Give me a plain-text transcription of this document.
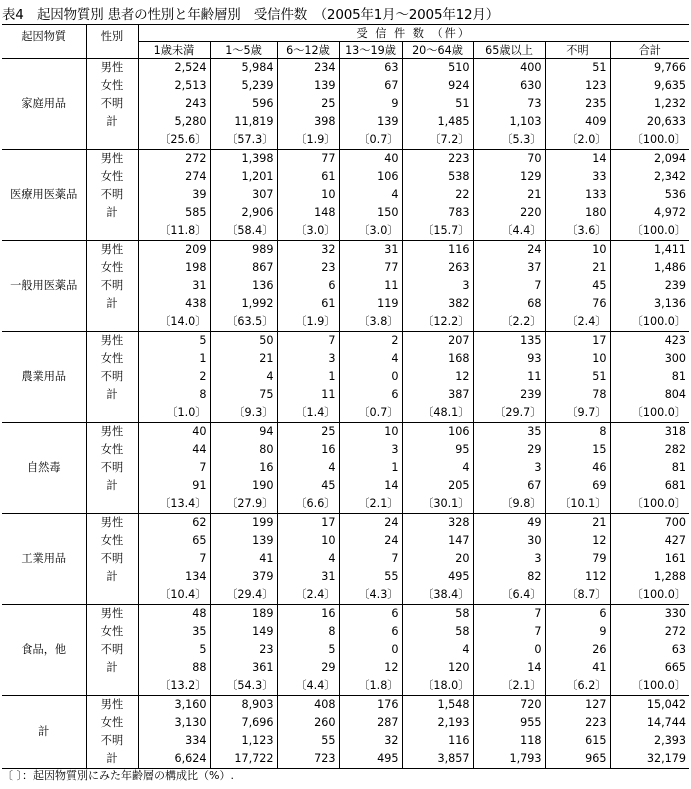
表4　起因物質別 患者の性別と年齢層別　受信件数　（2005年1月～2005年12月）
起因物質	性別	受 信 件 数 （件）							
		1歳未満	1～5歳	6～12歳	13～19歳	20～64歳	65歳以上	不明	合計
家庭用品	男性	2,524	5,984	234	63	510	400	51	9,766
	女性	2,513	5,239	139	67	924	630	123	9,635
	不明	243	596	25	9	51	73	235	1,232
	計	5,280	11,819	398	139	1,485	1,103	409	20,633
		〔25.6〕	〔57.3〕	〔1.9〕	〔0.7〕	〔7.2〕	〔5.3〕	〔2.0〕	〔100.0〕
医療用医薬品	男性	272	1,398	77	40	223	70	14	2,094
	女性	274	1,201	61	106	538	129	33	2,342
	不明	39	307	10	4	22	21	133	536
	計	585	2,906	148	150	783	220	180	4,972
		〔11.8〕	〔58.4〕	〔3.0〕	〔3.0〕	〔15.7〕	〔4.4〕	〔3.6〕	〔100.0〕
一般用医薬品	男性	209	989	32	31	116	24	10	1,411
	女性	198	867	23	77	263	37	21	1,486
	不明	31	136	6	11	3	7	45	239
	計	438	1,992	61	119	382	68	76	3,136
		〔14.0〕	〔63.5〕	〔1.9〕	〔3.8〕	〔12.2〕	〔2.2〕	〔2.4〕	〔100.0〕
農業用品	男性	5	50	7	2	207	135	17	423
	女性	1	21	3	4	168	93	10	300
	不明	2	4	1	0	12	11	51	81
	計	8	75	11	6	387	239	78	804
		〔1.0〕	〔9.3〕	〔1.4〕	〔0.7〕	〔48.1〕	〔29.7〕	〔9.7〕	〔100.0〕
自然毒	男性	40	94	25	10	106	35	8	318
	女性	44	80	16	3	95	29	15	282
	不明	7	16	4	1	4	3	46	81
	計	91	190	45	14	205	67	69	681
		〔13.4〕	〔27.9〕	〔6.6〕	〔2.1〕	〔30.1〕	〔9.8〕	〔10.1〕	〔100.0〕
工業用品	男性	62	199	17	24	328	49	21	700
	女性	65	139	10	24	147	30	12	427
	不明	7	41	4	7	20	3	79	161
	計	134	379	31	55	495	82	112	1,288
		〔10.4〕	〔29.4〕	〔2.4〕	〔4.3〕	〔38.4〕	〔6.4〕	〔8.7〕	〔100.0〕
食品，他	男性	48	189	16	6	58	7	6	330
	女性	35	149	8	6	58	7	9	272
	不明	5	23	5	0	4	0	26	63
	計	88	361	29	12	120	14	41	665
		〔13.2〕	〔54.3〕	〔4.4〕	〔1.8〕	〔18.0〕	〔2.1〕	〔6.2〕	〔100.0〕
計	男性	3,160	8,903	408	176	1,548	720	127	15,042
	女性	3,130	7,696	260	287	2,193	955	223	14,744
	不明	334	1,123	55	32	116	118	615	2,393
	計	6,624	17,722	723	495	3,857	1,793	965	32,179
〔 〕：起因物質別にみた年齢層の構成比（%）.
